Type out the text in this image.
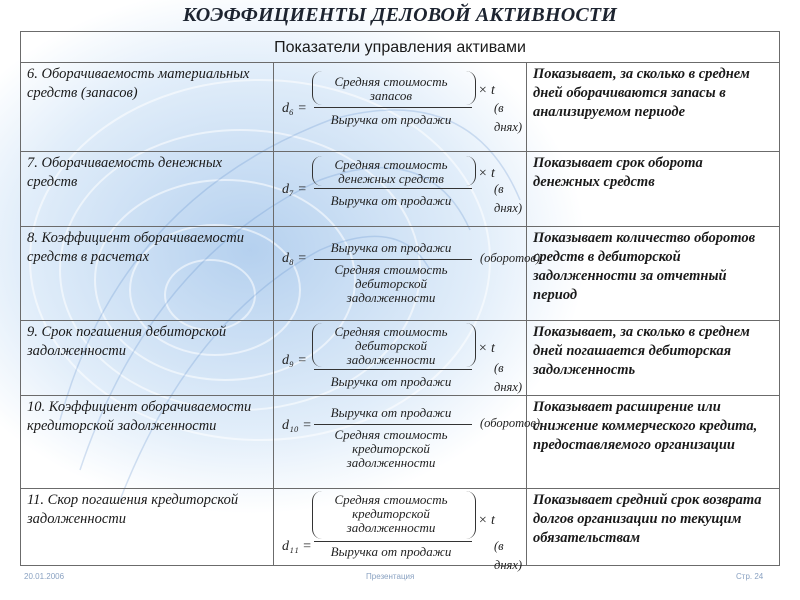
КОЭФФИЦИЕНТЫ ДЕЛОВОЙ АКТИВНОСТИ
Показатели управления активами		
6. Оборачиваемость материальных средств (запасов)	d₆ =
Средняя стоимость запасов
Выручка от продажи
× t
(в днях)	Показывает, за сколько в среднем дней оборачиваются запасы в анализируемом периоде
7. Оборачиваемость денежных средств	d₇ =
Средняя стоимость денежных средств
Выручка от продажи
× t
(в днях)	Показывает срок оборота денежных средств
8. Коэффициент оборачиваемости средств в расчетах	d₈ =
Выручка от продажи
Средняя стоимость дебиторской задолженности
(оборотов)	Показывает количество оборотов средств в дебиторской задолженности за отчетный период
9. Срок погашения дебиторской задолженности	d₉ =
Средняя стоимость дебиторской задолженности
Выручка от продажи
× t
(в днях)	Показывает, за сколько в среднем дней погашается дебиторская задолженность
10. Коэффициент оборачиваемости кредиторской задолженности	d₁₀ =
Выручка от продажи
Средняя стоимость кредиторской задолженности
(оборотов)	Показывает расширение или снижение коммерческого кредита, предоставляемого организации
11. Скор погашения кредиторской задолженности	d₁₁ =
Средняя стоимость кредиторской задолженности
Выручка от продажи
× t
(в днях)	Показывает средний срок возврата долгов организации по текущим обязательствам
20.01.2006	Презентация	Стр. 24
